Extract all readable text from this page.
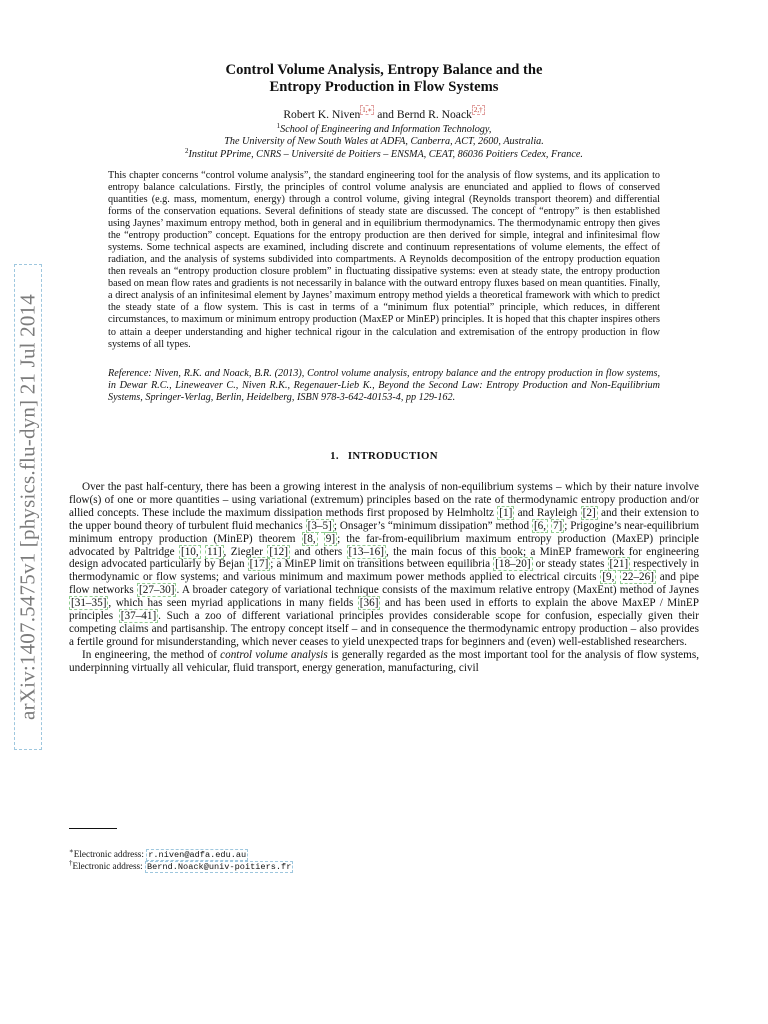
arXiv:1407.5475v1 [physics.flu-dyn] 21 Jul 2014
Control Volume Analysis, Entropy Balance and the
Entropy Production in Flow Systems
Robert K. Niven $^{1,∗}$ and Bernd R. Noack $^{2,\dagger}$
$^1$School of Engineering and Information Technology,
The University of New South Wales at ADFA, Canberra, ACT, 2600, Australia.
$^2$Institut PPrime, CNRS – Université de Poitiers – ENSMA, CEAT, 86036 Poitiers Cedex, France.
This chapter concerns “control volume analysis”, the standard engineering tool for the analysis of flow systems, and its application to entropy balance calculations. Firstly, the principles of control volume analysis are enunciated and applied to flows of conserved quantities (e.g. mass, momentum, energy) through a control volume, giving integral (Reynolds transport theorem) and differential forms of the conservation equations. Several definitions of steady state are discussed. The concept of “entropy” is then established using Jaynes’ maximum entropy method, both in general and in equilibrium thermodynamics. The thermodynamic entropy then gives the “entropy production” concept. Equations for the entropy production are then derived for simple, integral and infinitesimal flow systems. Some technical aspects are examined, including discrete and continuum representations of volume elements, the effect of radiation, and the analysis of systems subdivided into compartments. A Reynolds decomposition of the entropy production equation then reveals an “entropy production closure problem” in fluctuating dissipative systems: even at steady state, the entropy production based on mean flow rates and gradients is not necessarily in balance with the outward entropy fluxes based on mean quantities. Finally, a direct analysis of an infinitesimal element by Jaynes’ maximum entropy method yields a theoretical framework with which to predict the steady state of a flow system. This is cast in terms of a “minimum flux potential” principle, which reduces, in different circumstances, to maximum or minimum entropy production (MaxEP or MinEP) principles. It is hoped that this chapter inspires others to attain a deeper understanding and higher technical rigour in the calculation and extremisation of the entropy production in flow systems of all types.
Reference: Niven, R.K. and Noack, B.R. (2013), Control volume analysis, entropy balance and the entropy production in flow systems, in Dewar R.C., Lineweaver C., Niven R.K., Regenauer-Lieb K., Beyond the Second Law: Entropy Production and Non-Equilibrium Systems, Springer-Verlag, Berlin, Heidelberg, ISBN 978-3-642-40153-4, pp 129-162.
1. INTRODUCTION

Over the past half-century, there has been a growing interest in the analysis of non-equilibrium systems – which by their nature involve flow(s) of one or more quantities – using variational (extremum) principles based on the rate of thermodynamic entropy production and/or allied concepts. These include the maximum dissipation methods first proposed by Helmholtz [1] and Rayleigh [2] and their extension to the upper bound theory of turbulent fluid mechanics [3–5] ; Onsager’s “minimum dissipation” method [6, 7] ; Prigogine’s near-equilibrium minimum entropy production (MinEP) theorem [8, 9] ; the far-from-equilibrium maximum entropy production (MaxEP) principle advocated by Paltridge [10, 11] , Ziegler [12] and others [13–16] , the main focus of this book; a MinEP framework for engineering design advocated particularly by Bejan [17] ; a MinEP limit on transitions between equilibria [18–20] or steady states [21] respectively in thermodynamic or flow systems; and various minimum and maximum power methods applied to electrical circuits [9, 22–26] and pipe flow networks [27–30] . A broader category of variational technique consists of the maximum relative entropy (MaxEnt) method of Jaynes [31–35] , which has seen myriad applications in many fields [36] and has been used in efforts to explain the above MaxEP / MinEP principles [37–41] . Such a zoo of different variational principles provides considerable scope for confusion, especially given their competing claims and partisanship. The entropy concept itself – and in consequence the thermodynamic entropy production – also provides a fertile ground for misunderstanding, which never ceases to yield unexpected traps for beginners and (even) well-established researchers.

In engineering, the method of control volume analysis is generally regarded as the most important tool for the analysis of flow systems, underpinning virtually all vehicular, fluid transport, energy generation, manufacturing, civil

∗Electronic address: r.niven@adfa.edu.au
†Electronic address: Bernd.Noack@univ-poitiers.fr
